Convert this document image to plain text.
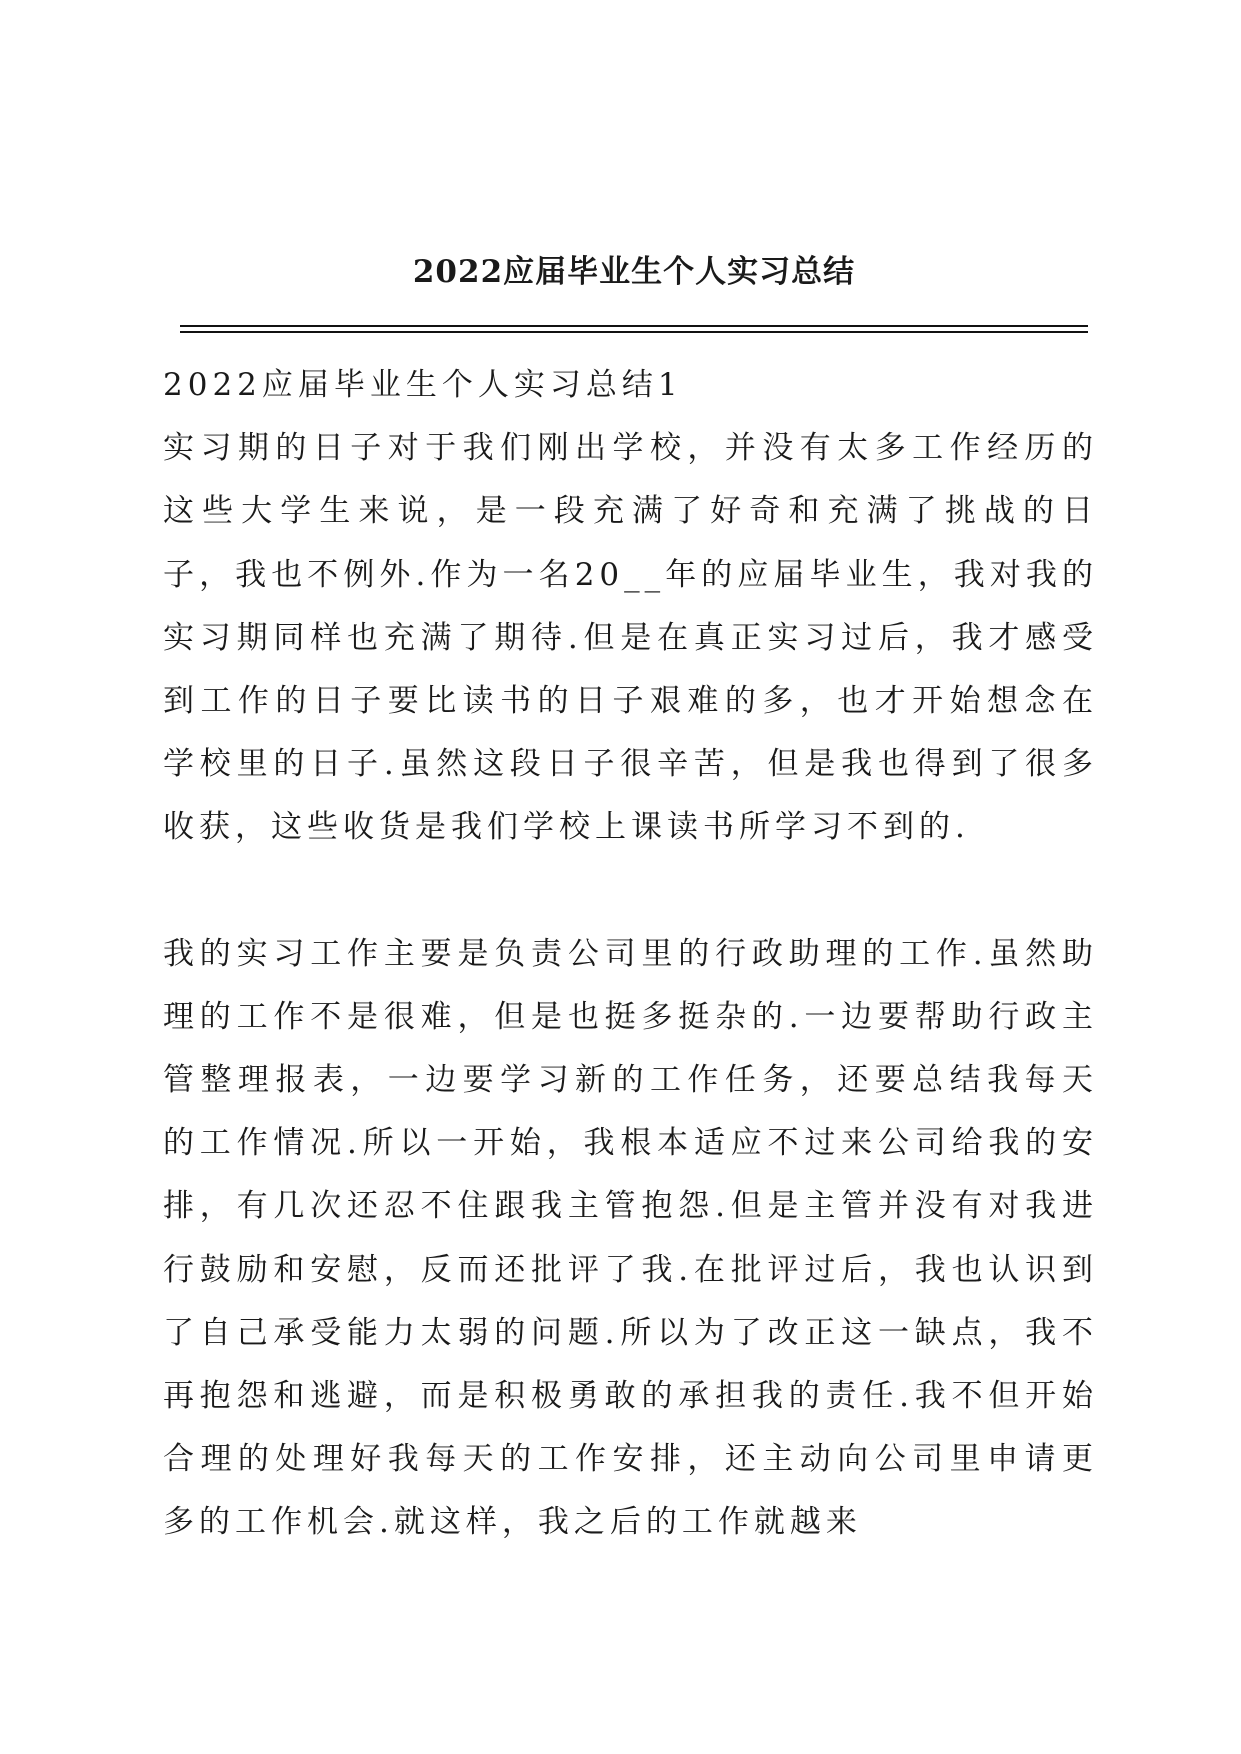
2022应届毕业生个人实习总结

2022应届毕业生个人实习总结1

实习期的日子对于我们刚出学校，并没有太多工作经历的这些大学生来说，是一段充满了好奇和充满了挑战的日子，我也不例外.作为一名20__年的应届毕业生，我对我的实习期同样也充满了期待.但是在真正实习过后，我才感受到工作的日子要比读书的日子艰难的多，也才开始想念在学校里的日子.虽然这段日子很辛苦，但是我也得到了很多收获，这些收货是我们学校上课读书所学习不到的.

我的实习工作主要是负责公司里的行政助理的工作.虽然助理的工作不是很难，但是也挺多挺杂的.一边要帮助行政主管整理报表，一边要学习新的工作任务，还要总结我每天的工作情况.所以一开始，我根本适应不过来公司给我的安排，有几次还忍不住跟我主管抱怨.但是主管并没有对我进行鼓励和安慰，反而还批评了我.在批评过后，我也认识到了自己承受能力太弱的问题.所以为了改正这一缺点，我不再抱怨和逃避，而是积极勇敢的承担我的责任.我不但开始合理的处理好我每天的工作安排，还主动向公司里申请更多的工作机会.就这样，我之后的工作就越来
